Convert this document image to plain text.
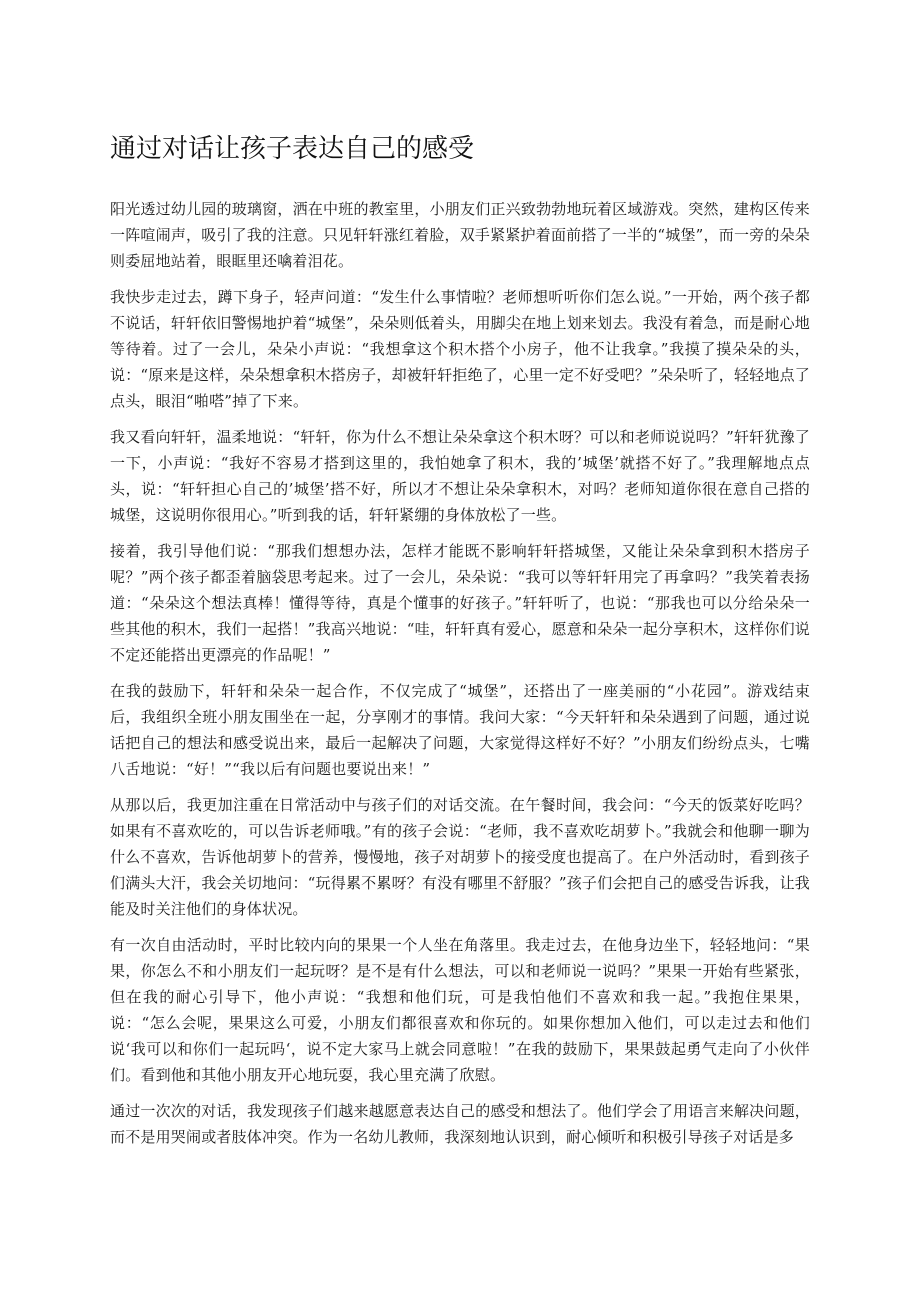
通过对话让孩子表达自己的感受

阳光透过幼儿园的玻璃窗，洒在中班的教室里，小朋友们正兴致勃勃地玩着区域游戏。突然，建构区传来一阵喧闹声，吸引了我的注意。只见轩轩涨红着脸，双手紧紧护着面前搭了一半的“城堡”，而一旁的朵朵则委屈地站着，眼眶里还噙着泪花。

我快步走过去，蹲下身子，轻声问道：“发生什么事情啦？老师想听听你们怎么说。”一开始，两个孩子都不说话，轩轩依旧警惕地护着“城堡”，朵朵则低着头，用脚尖在地上划来划去。我没有着急，而是耐心地等待着。过了一会儿，朵朵小声说：“我想拿这个积木搭个小房子，他不让我拿。”我摸了摸朵朵的头，说：“原来是这样，朵朵想拿积木搭房子，却被轩轩拒绝了，心里一定不好受吧？”朵朵听了，轻轻地点了点头，眼泪“啪嗒”掉了下来。

我又看向轩轩，温柔地说：“轩轩，你为什么不想让朵朵拿这个积木呀？可以和老师说说吗？”轩轩犹豫了一下，小声说：“我好不容易才搭到这里的，我怕她拿了积木，我的’城堡’就搭不好了。”我理解地点点头，说：“轩轩担心自己的’城堡’搭不好，所以才不想让朵朵拿积木，对吗？老师知道你很在意自己搭的城堡，这说明你很用心。”听到我的话，轩轩紧绷的身体放松了一些。

接着，我引导他们说：“那我们想想办法，怎样才能既不影响轩轩搭城堡，又能让朵朵拿到积木搭房子呢？”两个孩子都歪着脑袋思考起来。过了一会儿，朵朵说：“我可以等轩轩用完了再拿吗？”我笑着表扬道：“朵朵这个想法真棒！懂得等待，真是个懂事的好孩子。”轩轩听了，也说：“那我也可以分给朵朵一些其他的积木，我们一起搭！”我高兴地说：“哇，轩轩真有爱心，愿意和朵朵一起分享积木，这样你们说不定还能搭出更漂亮的作品呢！”

在我的鼓励下，轩轩和朵朵一起合作，不仅完成了“城堡”，还搭出了一座美丽的“小花园”。游戏结束后，我组织全班小朋友围坐在一起，分享刚才的事情。我问大家：“今天轩轩和朵朵遇到了问题，通过说话把自己的想法和感受说出来，最后一起解决了问题，大家觉得这样好不好？”小朋友们纷纷点头，七嘴八舌地说：“好！”“我以后有问题也要说出来！”

从那以后，我更加注重在日常活动中与孩子们的对话交流。在午餐时间，我会问：“今天的饭菜好吃吗？如果有不喜欢吃的，可以告诉老师哦。”有的孩子会说：“老师，我不喜欢吃胡萝卜。”我就会和他聊一聊为什么不喜欢，告诉他胡萝卜的营养，慢慢地，孩子对胡萝卜的接受度也提高了。在户外活动时，看到孩子们满头大汗，我会关切地问：“玩得累不累呀？有没有哪里不舒服？”孩子们会把自己的感受告诉我，让我能及时关注他们的身体状况。

有一次自由活动时，平时比较内向的果果一个人坐在角落里。我走过去，在他身边坐下，轻轻地问：“果果，你怎么不和小朋友们一起玩呀？是不是有什么想法，可以和老师说一说吗？”果果一开始有些紧张，但在我的耐心引导下，他小声说：“我想和他们玩，可是我怕他们不喜欢和我一起。”我抱住果果，说：“怎么会呢，果果这么可爱，小朋友们都很喜欢和你玩的。如果你想加入他们，可以走过去和他们说‘我可以和你们一起玩吗‘，说不定大家马上就会同意啦！”在我的鼓励下，果果鼓起勇气走向了小伙伴们。看到他和其他小朋友开心地玩耍，我心里充满了欣慰。

通过一次次的对话，我发现孩子们越来越愿意表达自己的感受和想法了。他们学会了用语言来解决问题，而不是用哭闹或者肢体冲突。作为一名幼儿教师，我深刻地认识到，耐心倾听和积极引导孩子对话是多
